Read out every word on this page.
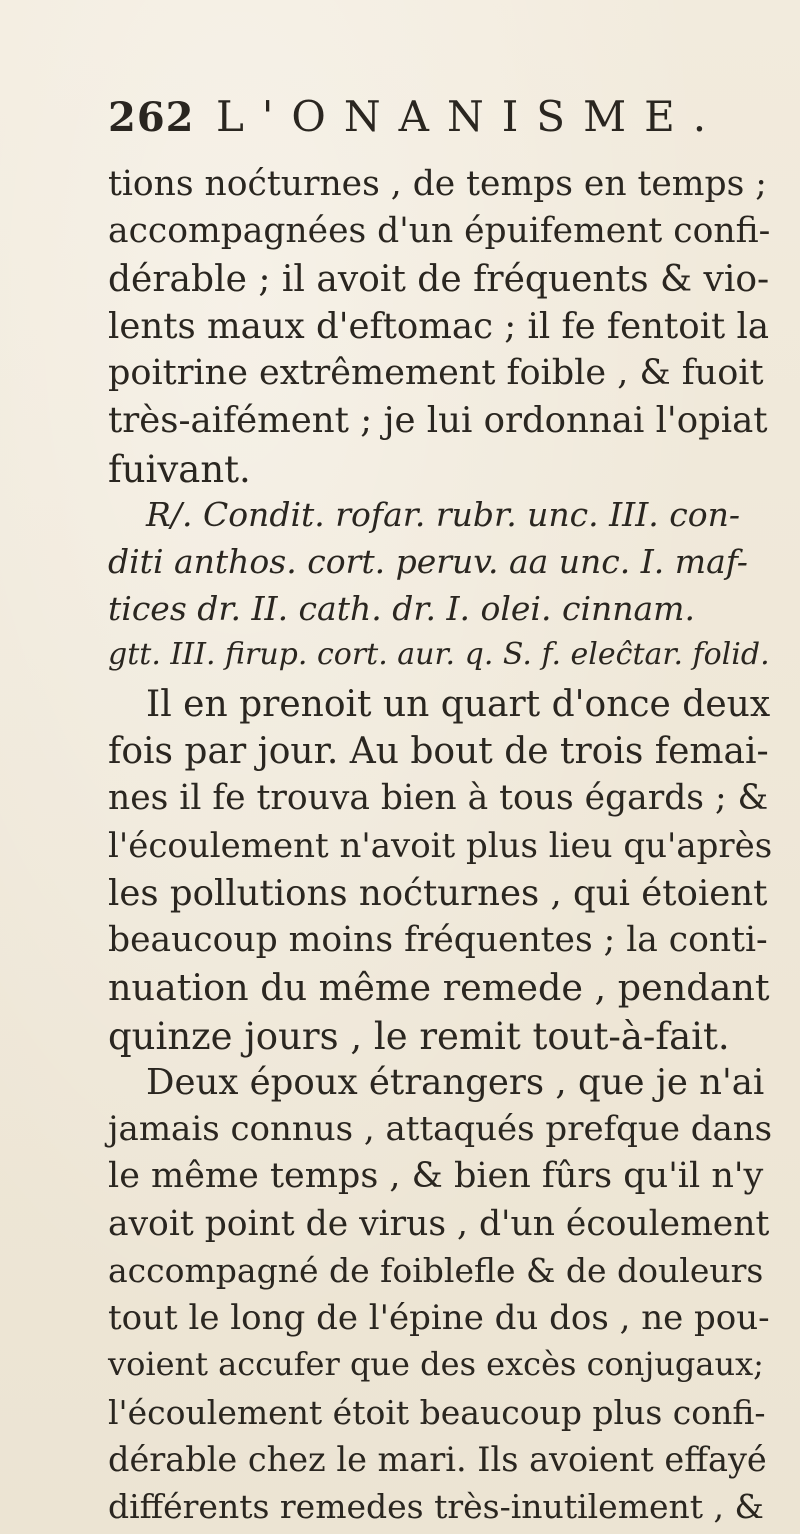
262 L'ONANISME.
tions noćturnes , de temps en temps ;
accompagnées d'un épuifement confi-
dérable ; il avoit de fréquents & vio-
lents maux d'eftomac ; il fe fentoit la
poitrine extrêmement foible , & fuoit
très-aifément ; je lui ordonnai l'opiat
fuivant.
R/. Condit. rofar. rubr. unc. III. con-
diti anthos. cort. peruv. aa unc. I. maf-
tices dr. II. cath. dr. I. olei. cinnam.
gtt. III. firup. cort. aur. q. S. f. eleĉtar. folid.
Il en prenoit un quart d'once deux
fois par jour. Au bout de trois femai-
nes il fe trouva bien à tous égards ; &
l'écoulement n'avoit plus lieu qu'après
les pollutions noćturnes , qui étoient
beaucoup moins fréquentes ; la conti-
nuation du même remede , pendant
quinze jours , le remit tout-à-fait.
Deux époux étrangers , que je n'ai
jamais connus , attaqués prefque dans
le même temps , & bien fûrs qu'il n'y
avoit point de virus , d'un écoulement
accompagné de foiblefle & de douleurs
tout le long de l'épine du dos , ne pou-
voient accufer que des excès conjugaux;
l'écoulement étoit beaucoup plus confi-
dérable chez le mari. Ils avoient effayé
différents remedes très-inutilement , &
